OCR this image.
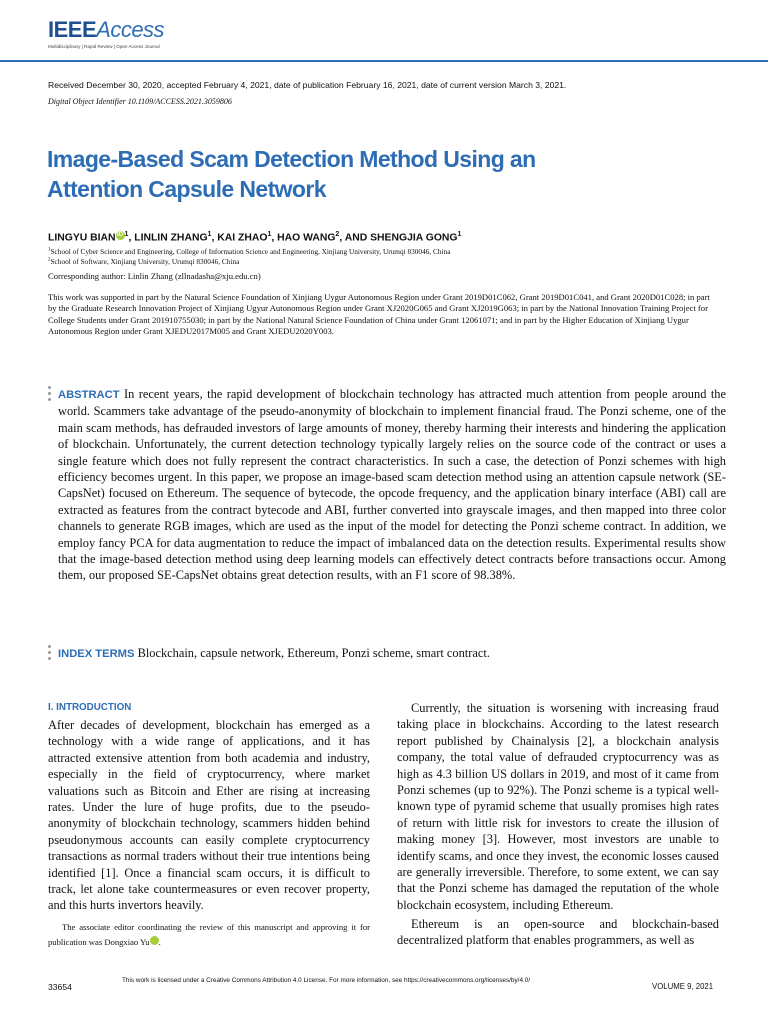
IEEEAccess
Multidisciplinary | Rapid Review | Open Access Journal
Received December 30, 2020, accepted February 4, 2021, date of publication February 16, 2021, date of current version March 3, 2021.
Digital Object Identifier 10.1109/ACCESS.2021.3059806
Image-Based Scam Detection Method Using an
Attention Capsule Network
LINGYU BIAN iD $^1$, LINLIN ZHANG$^1$, KAI ZHAO$^1$, HAO WANG$^2$, AND SHENGJIA GONG$^1$
$^1$School of Cyber Science and Engineering, College of Information Science and Engineering, Xinjiang University, Urumqi 830046, China
$^2$School of Software, Xinjiang University, Urumqi 830046, China
Corresponding author: Linlin Zhang (zllnadasha@xju.edu.cn)
This work was supported in part by the Natural Science Foundation of Xinjiang Uygur Autonomous Region under Grant 2019D01C062, Grant 2019D01C041, and Grant 2020D01C028; in part by the Graduate Research Innovation Project of Xinjiang Ugyur Autonomous Region under Grant XJ2020G065 and Grant XJ2019G063; in part by the National Innovation Training Project for College Students under Grant 201910755030; in part by the National Natural Science Foundation of China under Grant 12061071; and in part by the Higher Education of Xinjiang Uygur Autonomous Region under Grant XJEDU2017M005 and Grant XJEDU2020Y003.
ABSTRACT In recent years, the rapid development of blockchain technology has attracted much attention from people around the world. Scammers take advantage of the pseudo-anonymity of blockchain to implement financial fraud. The Ponzi scheme, one of the main scam methods, has defrauded investors of large amounts of money, thereby harming their interests and hindering the application of blockchain. Unfortunately, the current detection technology typically largely relies on the source code of the contract or uses a single feature which does not fully represent the contract characteristics. In such a case, the detection of Ponzi schemes with high efficiency becomes urgent. In this paper, we propose an image-based scam detection method using an attention capsule network (SE-CapsNet) focused on Ethereum. The sequence of bytecode, the opcode frequency, and the application binary interface (ABI) call are extracted as features from the contract bytecode and ABI, further converted into grayscale images, and then mapped into three color channels to generate RGB images, which are used as the input of the model for detecting the Ponzi scheme contract. In addition, we employ fancy PCA for data augmentation to reduce the impact of imbalanced data on the detection results. Experimental results show that the image-based detection method using deep learning models can effectively detect contracts before transactions occur. Among them, our proposed SE-CapsNet obtains great detection results, with an F1 score of 98.38%.
INDEX TERMS Blockchain, capsule network, Ethereum, Ponzi scheme, smart contract.
I. INTRODUCTION
After decades of development, blockchain has emerged as a technology with a wide range of applications, and it has attracted extensive attention from both academia and industry, especially in the field of cryptocurrency, where market valuations such as Bitcoin and Ether are rising at increasing rates. Under the lure of huge profits, due to the pseudo-anonymity of blockchain technology, scammers hidden behind pseudonymous accounts can easily complete cryptocurrency transactions as normal traders without their true intentions being identified [1]. Once a financial scam occurs, it is difficult to track, let alone take countermeasures or even recover property, and this hurts invertors heavily.
The associate editor coordinating the review of this manuscript and approving it for publication was Dongxiao Yu iD.
Currently, the situation is worsening with increasing fraud taking place in blockchains. According to the latest research report published by Chainalysis [2], a blockchain analysis company, the total value of defrauded cryptocurrency was as high as 4.3 billion US dollars in 2019, and most of it came from Ponzi schemes (up to 92%). The Ponzi scheme is a typical well-known type of pyramid scheme that usually promises high rates of return with little risk for investors to create the illusion of making money [3]. However, most investors are unable to identify scams, and once they invest, the economic losses caused are generally irreversible. Therefore, to some extent, we can say that the Ponzi scheme has damaged the reputation of the whole blockchain ecosystem, including Ethereum.
Ethereum is an open-source and blockchain-based decentralized platform that enables programmers, as well as
33654
This work is licensed under a Creative Commons Attribution 4.0 License. For more information, see https://creativecommons.org/licenses/by/4.0/
VOLUME 9, 2021
